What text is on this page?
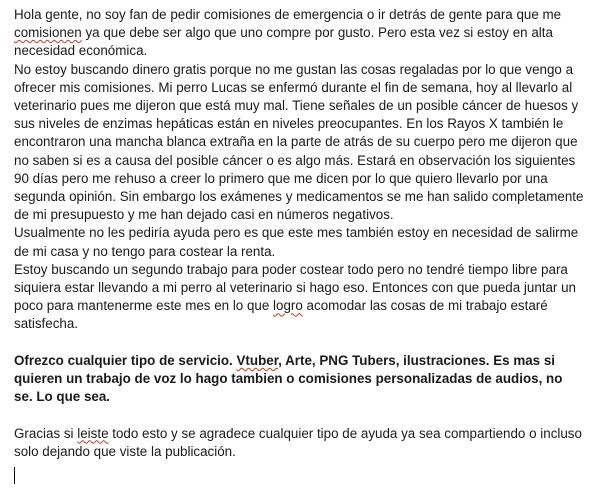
Hola gente, no soy fan de pedir comisiones de emergencia o ir detrás de gente para que me
comisionen ya que debe ser algo que uno compre por gusto. Pero esta vez si estoy en alta
necesidad económica.

No estoy buscando dinero gratis porque no me gustan las cosas regaladas por lo que vengo a
ofrecer mis comisiones. Mi perro Lucas se enfermó durante el fin de semana, hoy al llevarlo al
veterinario pues me dijeron que está muy mal. Tiene señales de un posible cáncer de huesos y
sus niveles de enzimas hepáticas están en niveles preocupantes. En los Rayos X también le
encontraron una mancha blanca extraña en la parte de atrás de su cuerpo pero me dijeron que
no saben si es a causa del posible cáncer o es algo más. Estará en observación los siguientes
90 días pero me rehuso a creer lo primero que me dicen por lo que quiero llevarlo por una
segunda opinión. Sin embargo los exámenes y medicamentos se me han salido completamente
de mi presupuesto y me han dejado casi en números negativos.

Usualmente no les pediría ayuda pero es que este mes también estoy en necesidad de salirme
de mi casa y no tengo para costear la renta.

Estoy buscando un segundo trabajo para poder costear todo pero no tendré tiempo libre para
siquiera estar llevando a mi perro al veterinario si hago eso. Entonces con que pueda juntar un
poco para mantenerme este mes en lo que logro acomodar las cosas de mi trabajo estaré
satisfecha.

Ofrezco cualquier tipo de servicio. Vtuber, Arte, PNG Tubers, ilustraciones. Es mas si
quieren un trabajo de voz lo hago tambien o comisiones personalizadas de audios, no
se. Lo que sea.

Gracias si leiste todo esto y se agradece cualquier tipo de ayuda ya sea compartiendo o incluso
solo dejando que viste la publicación.
